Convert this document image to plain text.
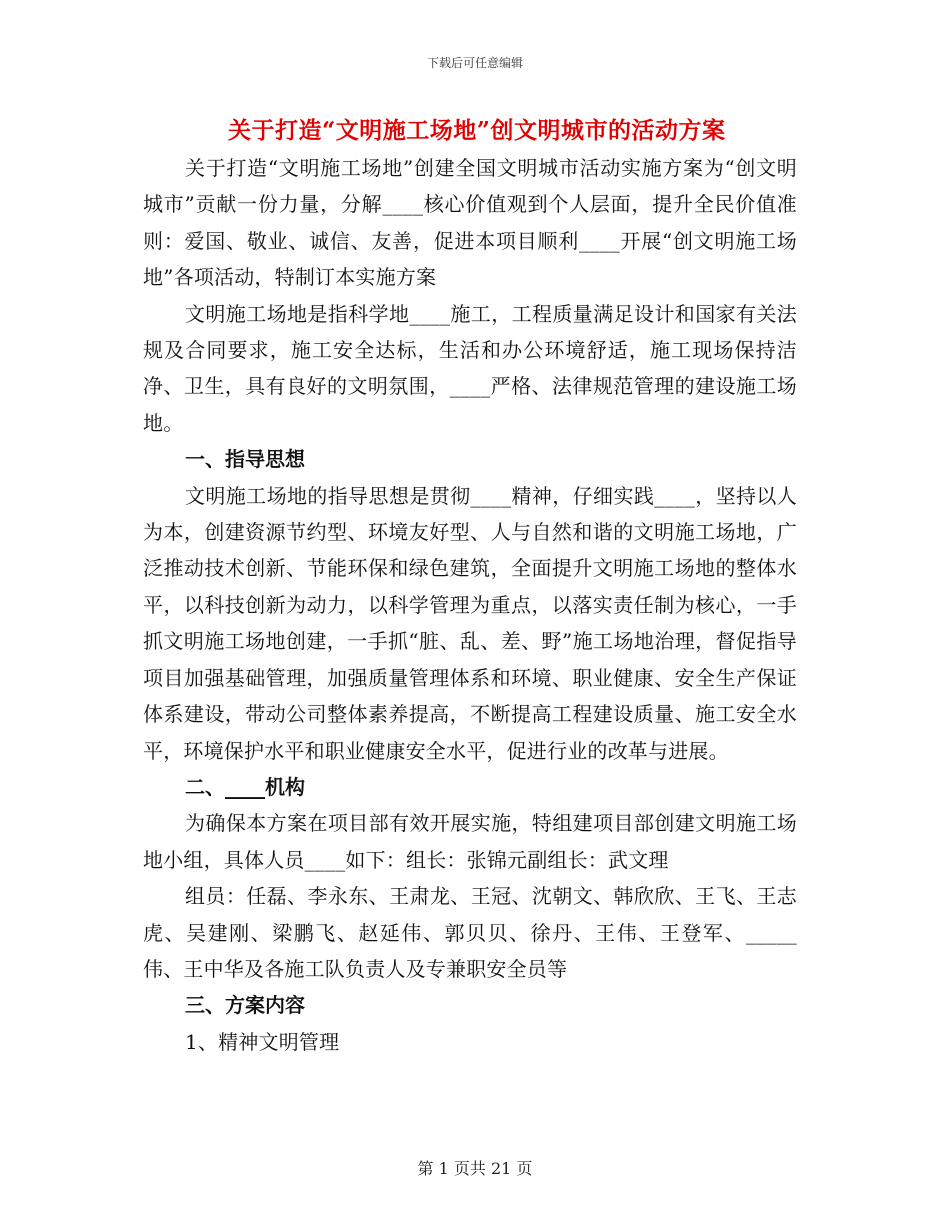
下载后可任意编辑
关于打造“文明施工场地”创文明城市的活动方案

关于打造“文明施工场地”创建全国文明城市活动实施方案为“创文明城市”贡献一份力量，分解____核心价值观到个人层面，提升全民价值准则：爱国、敬业、诚信、友善，促进本项目顺利____开展“创文明施工场地”各项活动，特制订本实施方案

文明施工场地是指科学地____施工，工程质量满足设计和国家有关法规及合同要求，施工安全达标，生活和办公环境舒适，施工现场保持洁净、卫生，具有良好的文明氛围，____严格、法律规范管理的建设施工场地。

一、指导思想

文明施工场地的指导思想是贯彻____精神，仔细实践____，坚持以人为本，创建资源节约型、环境友好型、人与自然和谐的文明施工场地，广泛推动技术创新、节能环保和绿色建筑，全面提升文明施工场地的整体水平，以科技创新为动力，以科学管理为重点，以落实责任制为核心，一手抓文明施工场地创建，一手抓“脏、乱、差、野”施工场地治理，督促指导项目加强基础管理，加强质量管理体系和环境、职业健康、安全生产保证体系建设，带动公司整体素养提高，不断提高工程建设质量、施工安全水平，环境保护水平和职业健康安全水平，促进行业的改革与进展。

二、____机构

为确保本方案在项目部有效开展实施，特组建项目部创建文明施工场地小组，具体人员____如下：组长：张锦元副组长：武文理

组员：任磊、李永东、王肃龙、王冠、沈朝文、韩欣欣、王飞、王志虎、吴建刚、梁鹏飞、赵延伟、郭贝贝、徐丹、王伟、王登军、_____伟、王中华及各施工队负责人及专兼职安全员等

三、方案内容

1、精神文明管理

第 1 页共 21 页
